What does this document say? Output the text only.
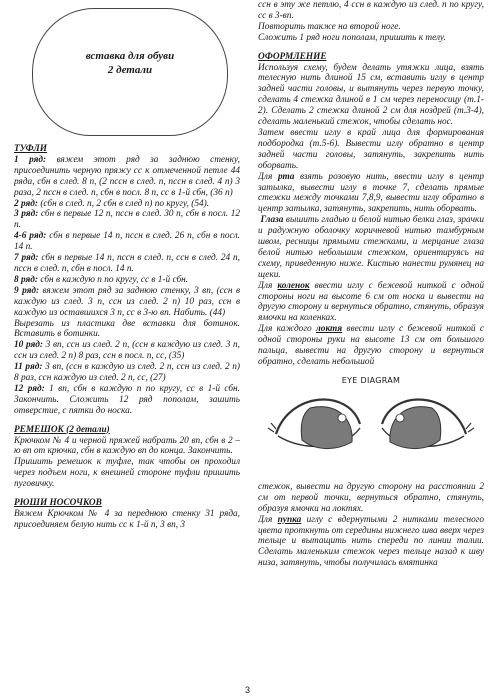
вставка для обуви
2 детали

ТУФЛИ

1 ряд: вяжем этот ряд за заднюю стенку, присоединить черную пряжу сс к отмеченной петле 44 ряда, сбн в след. 8 п, (2 пссн в след. п, пссн в след. 4 п) 3 раза, 2 пссн в след. п, сбн в посл. 8 п, сс в 1-й сбн, (36 п)

2 ряд: (сбн в след. п, 2 сбн в след п) по кругу, (54).

3 ряд: сбн в первые 12 п, пссн в след. 30 п, сбн в посл. 12 п.

4-6 ряд: сбн в первые 14 п, пссн в след. 26 п, сбн в посл. 14 п.

7 ряд: сбн в первые 14 п, пссн в след. п, ссн в след. 24 п, пссн в след. п, сбн в посл. 14 п.

8 ряд: сбн в каждую п по кругу, сс в 1-й сбн.

9 ряд: вяжем этот ряд за заднюю стенку, 3 вп, (ссн в каждую из след. 3 п, ссн из след. 2 п) 10 раз, ссн в каждую из оставшихся 3 п, сс в 3-ю вп. Набить. (44)

Вырезать из пластика две вставки для ботинок. Вставить в ботинки.

10 ряд: 3 вп, ссн из след. 2 п, (ссн в каждую из след. 3 п, ссн из след. 2 п) 8 раз, ссн в посл. п, сс, (35)

11 ряд: 3 вп, (ссн в каждую из след. 2 п, ссн из след. 2 п) 8 раз, ссн каждую из след. 2 п, сс, (27)

12 ряд: 1 вп, сбн в каждую п по кругу, сс в 1-й сбн. Закончить. Сложить 12 ряд пополам, зашить отверстие, с пятки до носка.

РЕМЕШОК (2 детали)

Крючком № 4 и черной пряжей набрать 20 вп, сбн в 2 – ю вп от крючка, сбн в каждую вп до конца. Закончить.

Пришить ремешок к туфле, так чтобы он проходил через подъем ноги, к внешней стороне туфли пришить пуговичку.

РЮШИ НОСОЧКОВ

Вяжем Крючком № 4 за переднюю стенку 31 ряда, присоединяем белую нить сс к 1-й п, 3 вп, 3

ссн в эту же петлю, 4 ссн в каждую из след. п по кругу, сс в 3-вп.

Повторить также на второй ноге.

Сложить 1 ряд ноги пополам, пришить к телу.

ОФОРМЛЕНИЕ

Используя схему, будем делать утяжки лица, взять телесную нить длиной 15 см, вставить иглу в центр задней части головы, и вытянуть через первую точку, сделать 4 стежка длиной в 1 см через переносицу (т.1-2). Сделать 2 стежка длиной 2 см для ноздрей (т.3-4), сделать маленький стежок, чтобы сделать нос.

Затем ввести иглу в край лица для формирования подбородка (т.5-6). Вывести иглу обратно в центр задней части головы, затянуть, закрепить нить оборвать.

Для рта взять розовую нить, ввести иглу в центр затылка, вывести иглу в точке 7, сделать прямые стежки между точками 7,8,9, вывести иглу обратно в центр затылка, затянуть, закрепить, нить оборвать.

Глаза вышить гладью и белой нитью белки глаз, зрачки и радужную оболочку коричневой нитью тамбурным швом, ресницы прямыми стежками, и мерцание глаза белой нитью небольшим стежком, ориентируясь на схему, приведенную ниже. Кистью нанести румянец на щеки.

Для коленок ввести иглу с бежевой ниткой с одной стороны ноги на высоте 6 см от носка и вывести на другую сторону и вернуться обратно, стянуть, образуя ямочки на коленках.

Для каждого локтя ввести иглу с бежевой ниткой с одной стороны руки на высоте 13 см от большого пальца, вывести на другую сторону и вернуться обратно, сделать небольшой

EYE DIAGRAM

стежок, вывести на другую сторону на расстоянии 2 см от первой точки, вернуться обратно, стянуть, образуя ямочки на локтях.

Для пупка иглу с вдернутыми 2 нитками телесного цвета проткнуть от середины нижнего шва вверх через тельце и вытащить нить спереди по линии талии. Сделать маленьким стежок через тельце назад к шву низа, затянуть, чтобы получилась вмятинка

3
